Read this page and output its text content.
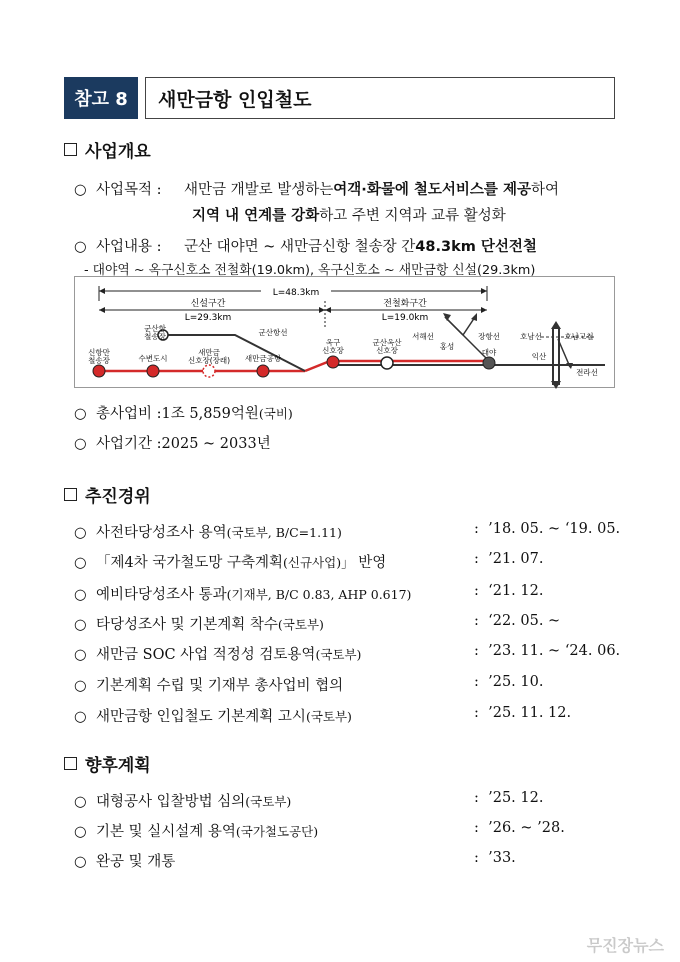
참고 8	새만금항 인입철도
사업개요
○ 사업목적 :	새만금 개발로 발생하는 여객·화물에 철도서비스를 제공 하여
지역 내 연계를 강화 하고 주변 지역과 교류 활성화
○ 사업내용 :	군산 대야면 ~ 새만금신항 철송장 간 48.3km 단선전철
- 대야역 ~ 옥구신호소 전철화(19.0km), 옥구신호소 ~ 새만금항 신설(29.3km)
L=48.3km
신설구간
L=29.3km
전철화구간
L=19.0km
신항만
철송장	수변도시
새만금
신호장(장래) 새만금공항
군산항
철송장	군산항선
옥구
신호장
군산옥산
신호장
서해선	장항선
홍성
대야
호남선	호남고철
익산
전라선
○ 총사업비 : 1조 5,859억원 (국비)
○ 사업기간 : 2025 ~ 2033년
추진경위
○ 사전타당성조사 용역(국토부, B/C=1.11)	: ’18. 05. ~ ‘19. 05.
○ 「제4차 국가철도망 구축계획(신규사업)」 반영	: ’21. 07.
○ 예비타당성조사 통과(기재부, B/C 0.83, AHP 0.617)	: ‘21. 12.
○ 타당성조사 및 기본계획 착수(국토부)	: ‘22. 05. ~
○ 새만금 SOC 사업 적정성 검토용역(국토부)	: ’23. 11. ~ ‘24. 06.
○ 기본계획 수립 및 기재부 총사업비 협의	: ’25. 10.
○ 새만금항 인입철도 기본계획 고시(국토부)	: ’25. 11. 12.
향후계획
○ 대형공사 입찰방법 심의(국토부)	: ’25. 12.
○ 기본 및 실시설계 용역(국가철도공단)	: ’26. ~ ’28.
○ 완공 및 개통	: ’33.
무진장뉴스
